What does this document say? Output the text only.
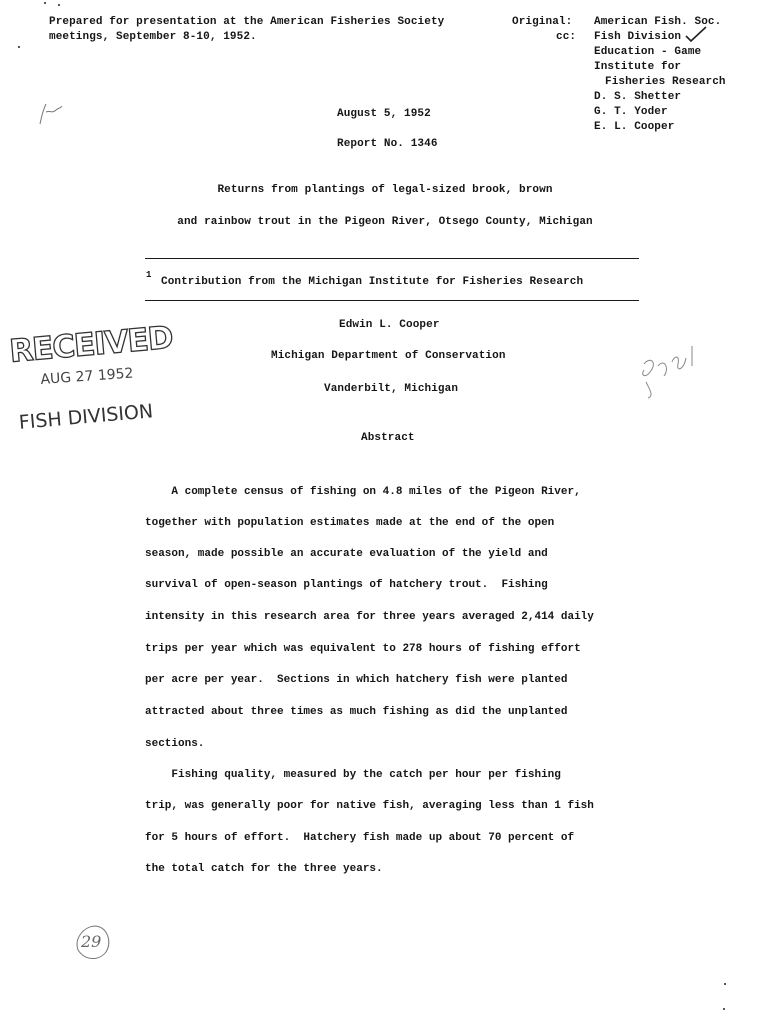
Prepared for presentation at the American Fisheries Society
meetings, September 8-10, 1952.
Original:
cc:
American Fish. Soc.
Fish Division
Education - Game
Institute for
Fisheries Research
D. S. Shetter
G. T. Yoder
E. L. Cooper
August 5, 1952
Report No. 1346
Returns from plantings of legal-sized brook, brown
and rainbow trout in the Pigeon River, Otsego County, Michigan
1
Contribution from the Michigan Institute for Fisheries Research
Edwin L. Cooper
Michigan Department of Conservation
Vanderbilt, Michigan
RECEIVED
AUG 27 1952
FISH DIVISION
Abstract
A complete census of fishing on 4.8 miles of the Pigeon River,
together with population estimates made at the end of the open
season, made possible an accurate evaluation of the yield and
survival of open-season plantings of hatchery trout.  Fishing
intensity in this research area for three years averaged 2,414 daily
trips per year which was equivalent to 278 hours of fishing effort
per acre per year.  Sections in which hatchery fish were planted
attracted about three times as much fishing as did the unplanted
sections.
Fishing quality, measured by the catch per hour per fishing
trip, was generally poor for native fish, averaging less than 1 fish
for 5 hours of effort.  Hatchery fish made up about 70 percent of
the total catch for the three years.
29
